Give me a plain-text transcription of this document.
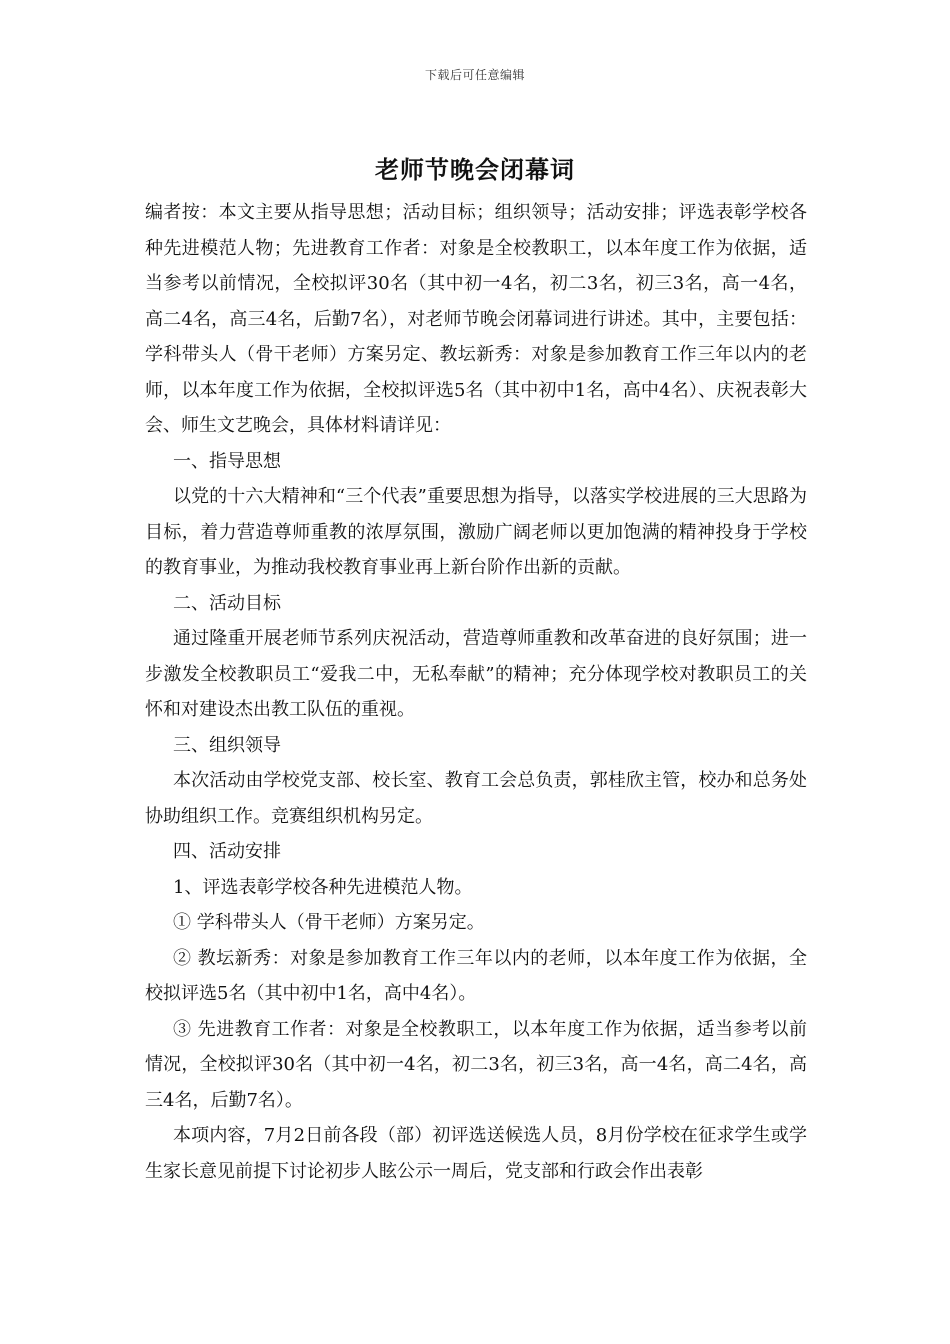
下载后可任意编辑
老师节晚会闭幕词

编者按：本文主要从指导思想；活动目标；组织领导；活动安排；评选表彰学校各种先进模范人物；先进教育工作者：对象是全校教职工，以本年度工作为依据，适当参考以前情况，全校拟评30名（其中初一4名，初二3名，初三3名，高一4名，高二4名，高三4名，后勤7名），对老师节晚会闭幕词进行讲述。其中，主要包括：学科带头人（骨干老师）方案另定、教坛新秀：对象是参加教育工作三年以内的老师，以本年度工作为依据，全校拟评选5名（其中初中1名，高中4名）、庆祝表彰大会、师生文艺晚会，具体材料请详见：

一、指导思想

以党的十六大精神和“三个代表”重要思想为指导，以落实学校进展的三大思路为目标，着力营造尊师重教的浓厚氛围，激励广阔老师以更加饱满的精神投身于学校的教育事业，为推动我校教育事业再上新台阶作出新的贡献。

二、活动目标

通过隆重开展老师节系列庆祝活动，营造尊师重教和改革奋进的良好氛围；进一步激发全校教职员工“爱我二中，无私奉献”的精神；充分体现学校对教职员工的关怀和对建设杰出教工队伍的重视。

三、组织领导

本次活动由学校党支部、校长室、教育工会总负责，郭桂欣主管，校办和总务处协助组织工作。竞赛组织机构另定。

四、活动安排

1、评选表彰学校各种先进模范人物。

① 学科带头人（骨干老师）方案另定。

② 教坛新秀：对象是参加教育工作三年以内的老师，以本年度工作为依据，全校拟评选5名（其中初中1名，高中4名）。

③ 先进教育工作者：对象是全校教职工，以本年度工作为依据，适当参考以前情况，全校拟评30名（其中初一4名，初二3名，初三3名，高一4名，高二4名，高三4名，后勤7名）。

本项内容，7月2日前各段（部）初评选送候选人员，8月份学校在征求学生或学生家长意见前提下讨论初步人眩公示一周后，党支部和行政会作出表彰
